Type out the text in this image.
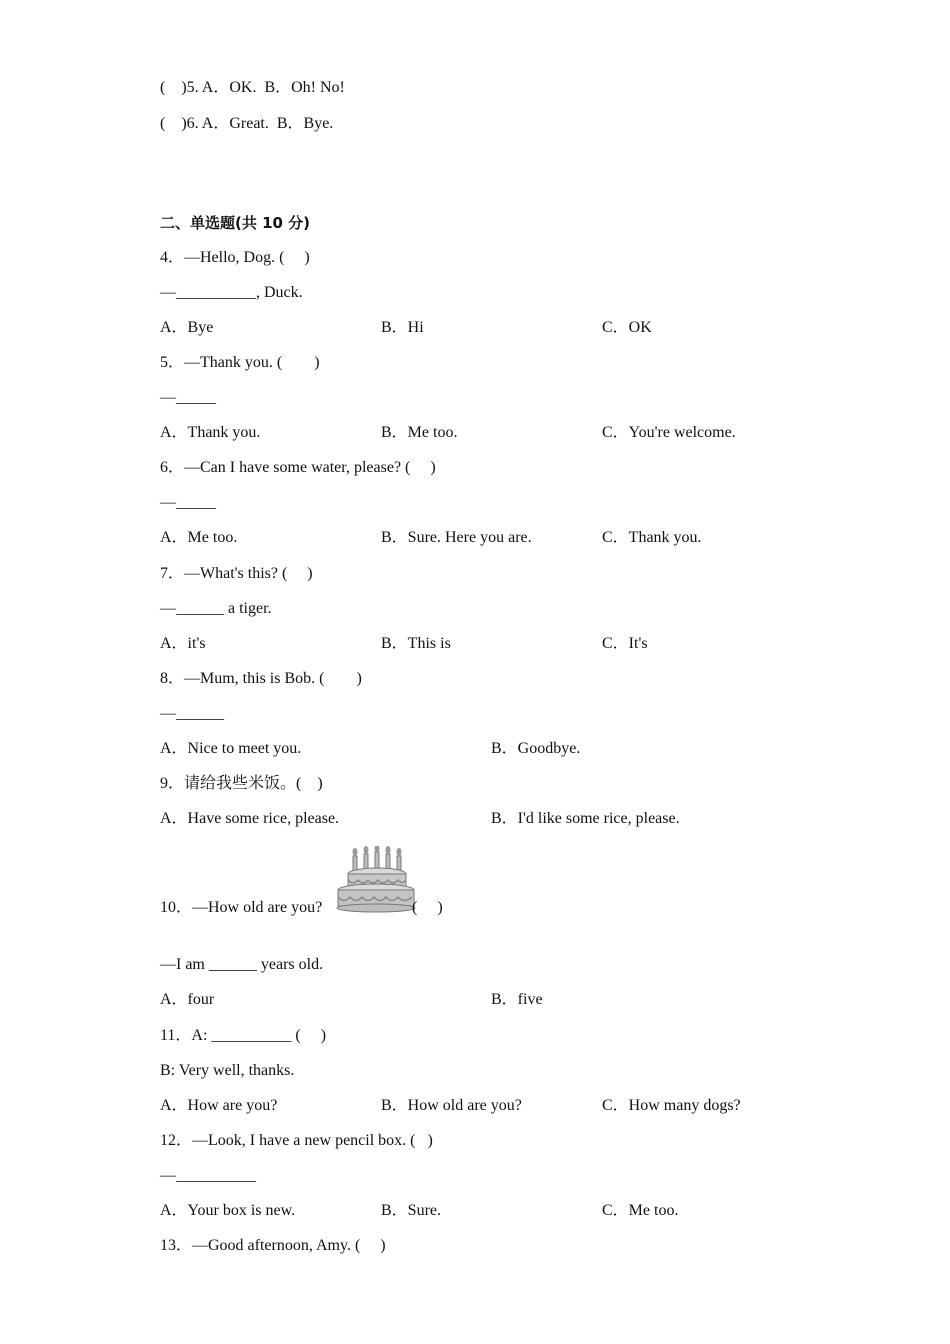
(    )5. A．OK.  B．Oh! No!
(    )6. A．Great.  B．Bye.
二、单选题(共 10 分)
4．—Hello, Dog. (     )
—__________, Duck.
A．Bye	B．Hi	C．OK
5．—Thank you. (        )
—_____
A．Thank you.	B．Me too.	C．You're welcome.
6．—Can I have some water, please? (     )
—_____
A．Me too.	B．Sure. Here you are.	C．Thank you.
7．—What's this? (     )
—______ a tiger.
A．it's	B．This is	C．It's
8．—Mum, this is Bob. (        )
—______
A．Nice to meet you.	B．Goodbye.
9．请给我些米饭。(    )
A．Have some rice, please.	B．I'd like some rice, please.
10．—How old are you?	(     )
—I am ______ years old.
A．four	B．five
11．A: __________ (     )
B: Very well, thanks.
A．How are you?	B．How old are you?	C．How many dogs?
12．—Look, I have a new pencil box. (   )
—__________
A．Your box is new.	B．Sure.	C．Me too.
13．—Good afternoon, Amy. (     )
